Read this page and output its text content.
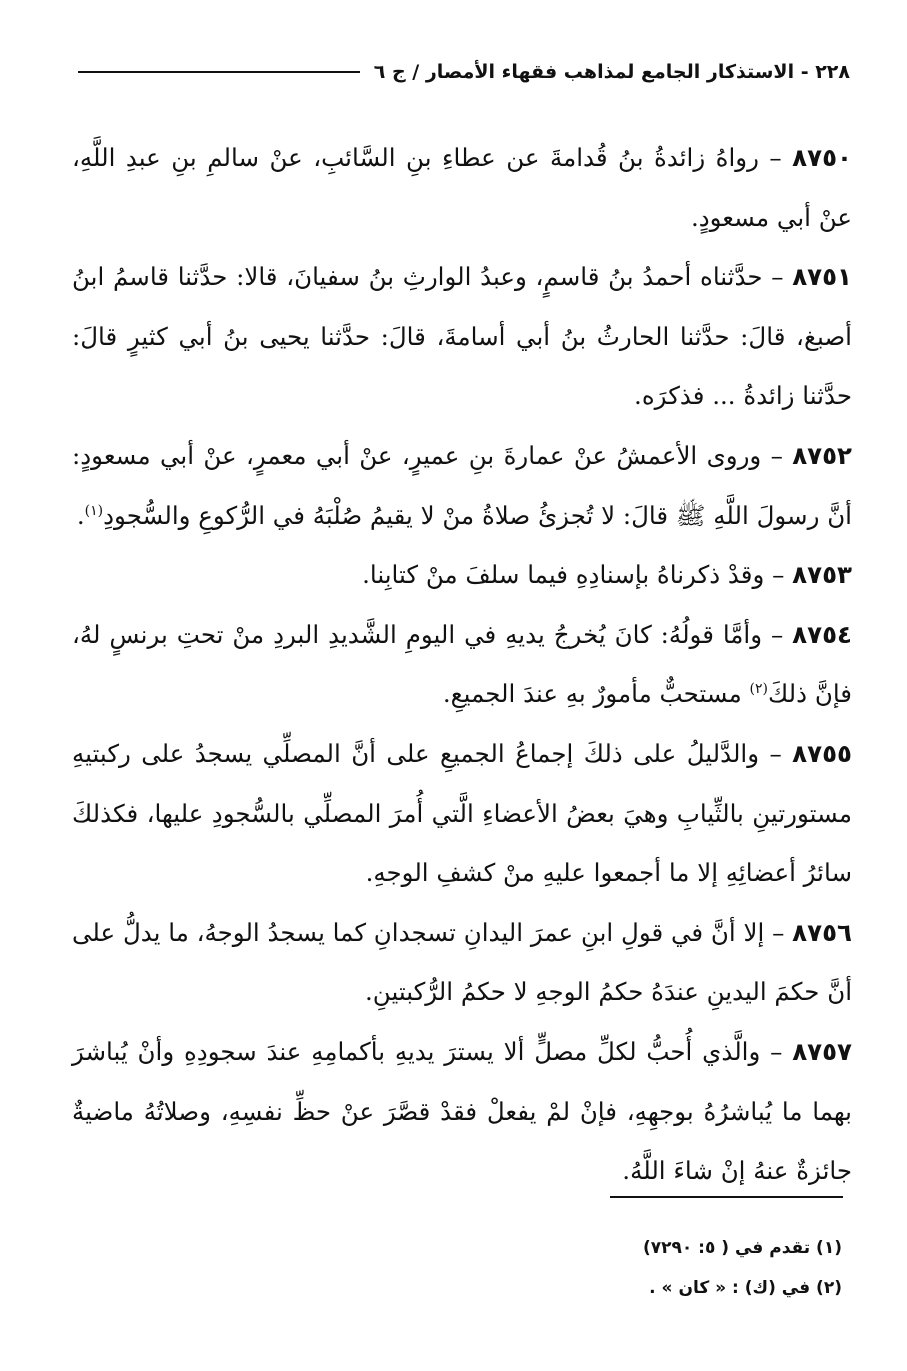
٢٢٨ - الاستذكار الجامع لمذاهب فقهاء الأمصار / ج ٦

٨٧٥٠ – رواهُ زائدةُ بنُ قُدامةَ عن عطاءِ بنِ السَّائبِ، عنْ سالمِ بنِ عبدِ اللَّهِ، عنْ أبي مسعودٍ.

٨٧٥١ – حدَّثناه أحمدُ بنُ قاسمٍ، وعبدُ الوارثِ بنُ سفيانَ، قالا: حدَّثنا قاسمُ ابنُ أصبغ، قالَ: حدَّثنا الحارثُ بنُ أبي أسامةَ، قالَ: حدَّثنا يحيى بنُ أبي كثيرٍ قالَ: حدَّثنا زائدةُ ... فذكرَه.

٨٧٥٢ – وروى الأعمشُ عنْ عمارةَ بنِ عميرٍ، عنْ أبي معمرٍ، عنْ أبي مسعودٍ: أنَّ رسولَ اللَّهِ ﷺ قالَ: لا تُجزئُ صلاةُ منْ لا يقيمُ صُلْبَهُ في الرُّكوعِ والسُّجودِ$^{(١)}$.

٨٧٥٣ – وقدْ ذكرناهُ بإسنادِهِ فيما سلفَ منْ كتابِنا.

٨٧٥٤ – وأمَّا قولُهُ: كانَ يُخرجُ يديهِ في اليومِ الشَّديدِ البردِ منْ تحتِ برنسٍ لهُ، فإنَّ ذلكَ$^{(٢)}$ مستحبٌّ مأمورٌ بهِ عندَ الجميعِ.

٨٧٥٥ – والدَّليلُ على ذلكَ إجماعُ الجميعِ على أنَّ المصلِّي يسجدُ على ركبتيهِ مستورتينِ بالثِّيابِ وهيَ بعضُ الأعضاءِ الَّتي أُمرَ المصلِّي بالسُّجودِ عليها، فكذلكَ سائرُ أعضائِهِ إلا ما أجمعوا عليهِ منْ كشفِ الوجهِ.

٨٧٥٦ – إلا أنَّ في قولِ ابنِ عمرَ اليدانِ تسجدانِ كما يسجدُ الوجهُ، ما يدلُّ على أنَّ حكمَ اليدينِ عندَهُ حكمُ الوجهِ لا حكمُ الرُّكبتينِ.

٨٧٥٧ – والَّذي أُحبُّ لكلِّ مصلٍّ ألا يسترَ يديهِ بأكمامِهِ عندَ سجودِهِ وأنْ يُباشرَ بهما ما يُباشرُهُ بوجهِهِ، فإنْ لمْ يفعلْ فقدْ قصَّرَ عنْ حظِّ نفسِهِ، وصلاتُهُ ماضيةٌ جائزةٌ عنهُ إنْ شاءَ اللَّهُ.

(١) تقدم في ( ٥: ٧٢٩٠)

(٢) في (ك) : « كان » .
